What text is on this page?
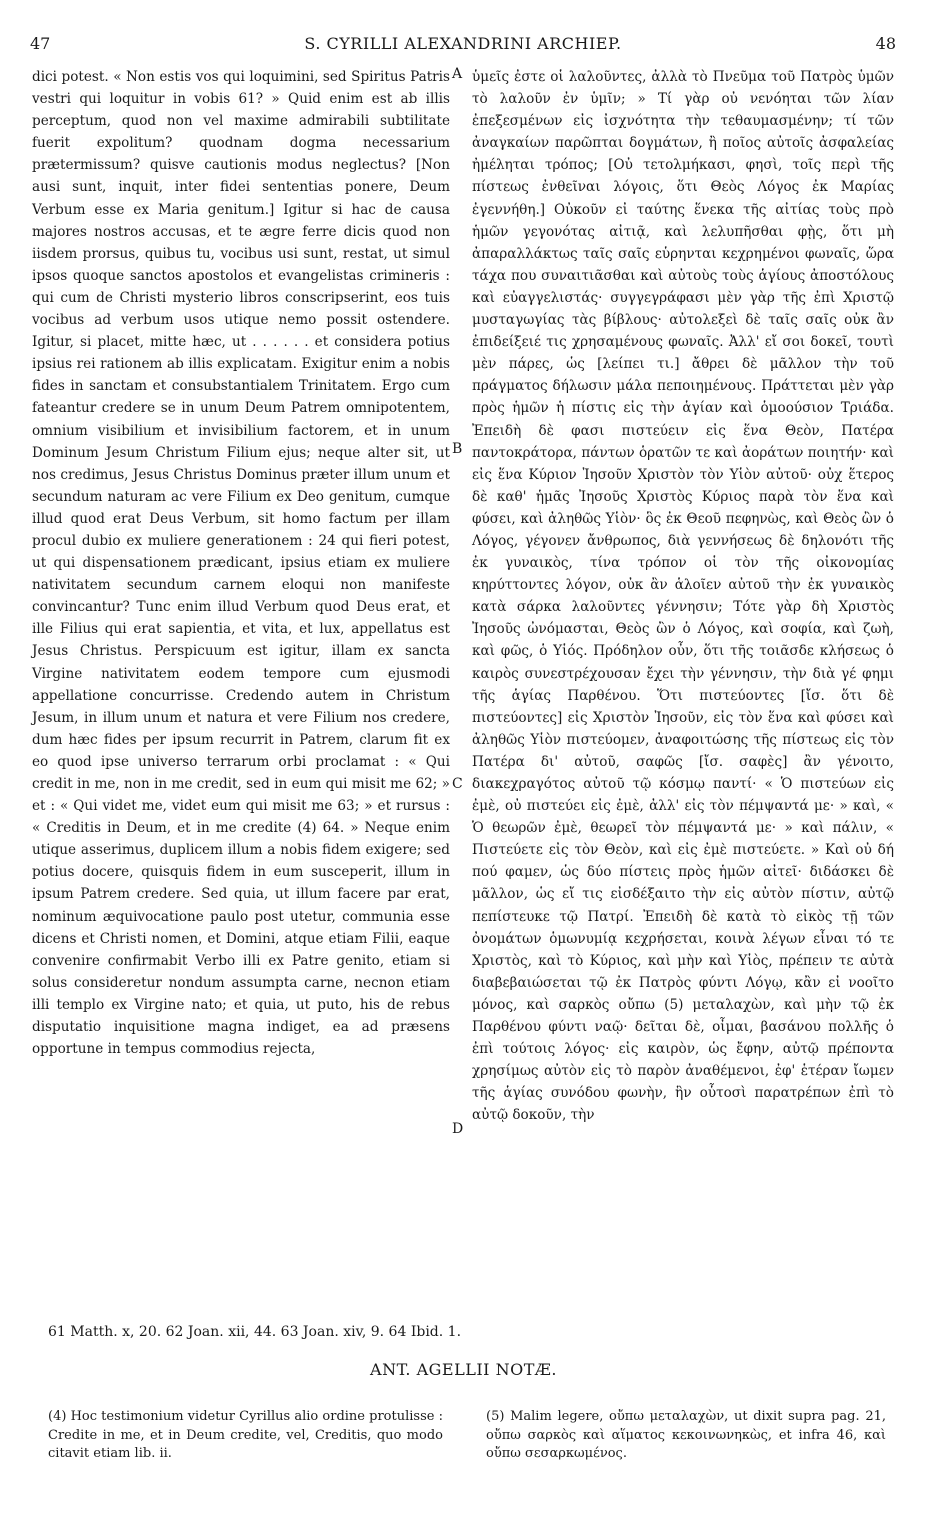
47	S. CYRILLI ALEXANDRINI ARCHIEP.	48

dici potest. « Non estis vos qui loquimini, sed Spiritus Patris vestri qui loquitur in vobis 61? » Quid enim est ab illis perceptum, quod non vel maxime admirabili subtilitate fuerit expolitum? quodnam dogma necessarium prætermissum? quisve cautionis modus neglectus? [Non ausi sunt, inquit, inter fidei sententias ponere, Deum Verbum esse ex Maria genitum.] Igitur si hac de causa majores nostros accusas, et te ægre ferre dicis quod non iisdem prorsus, quibus tu, vocibus usi sunt, restat, ut simul ipsos quoque sanctos apostolos et evangelistas crimineris : qui cum de Christi mysterio libros conscripserint, eos tuis vocibus ad verbum usos utique nemo possit ostendere. Igitur, si placet, mitte hæc, ut . . . . . . et considera potius ipsius rei rationem ab illis explicatam. Exigitur enim a nobis fides in sanctam et consubstantialem Trinitatem. Ergo cum fateantur credere se in unum Deum Patrem omnipotentem, omnium visibilium et invisibilium factorem, et in unum Dominum Jesum Christum Filium ejus; neque alter sit, ut nos credimus, Jesus Christus Dominus præter illum unum et secundum naturam ac vere Filium ex Deo genitum, cumque illud quod erat Deus Verbum, sit homo factum per illam procul dubio ex muliere generationem : 24 qui fieri potest, ut qui dispensationem prædicant, ipsius etiam ex muliere nativitatem secundum carnem eloqui non manifeste convincantur? Tunc enim illud Verbum quod Deus erat, et ille Filius qui erat sapientia, et vita, et lux, appellatus est Jesus Christus. Perspicuum est igitur, illam ex sancta Virgine nativitatem eodem tempore cum ejusmodi appellatione concurrisse. Credendo autem in Christum Jesum, in illum unum et natura et vere Filium nos credere, dum hæc fides per ipsum recurrit in Patrem, clarum fit ex eo quod ipse universo terrarum orbi proclamat : « Qui credit in me, non in me credit, sed in eum qui misit me 62; » et : « Qui videt me, videt eum qui misit me 63; » et rursus : « Creditis in Deum, et in me credite (4) 64. » Neque enim utique asserimus, duplicem illum a nobis fidem exigere; sed potius docere, quisquis fidem in eum susceperit, illum in ipsum Patrem credere. Sed quia, ut illum facere par erat, nominum æquivocatione paulo post utetur, communia esse dicens et Christi nomen, et Domini, atque etiam Filii, eaque convenire confirmabit Verbo illi ex Patre genito, etiam si solus consideretur nondum assumpta carne, necnon etiam illi templo ex Virgine nato; et quia, ut puto, his de rebus disputatio inquisitione magna indiget, ea ad præsens opportune in tempus commodius rejecta,

A
B
C
D

ὑμεῖς ἐστε οἱ λαλοῦντες, ἀλλὰ τὸ Πνεῦμα τοῦ Πατρὸς ὑμῶν τὸ λαλοῦν ἐν ὑμῖν; » Τί γὰρ οὐ νενόηται τῶν λίαν ἐπεξεσμένων εἰς ἰσχνότητα τὴν τεθαυμασμένην; τί τῶν ἀναγκαίων παρῶπται δογμάτων, ἢ ποῖος αὐτοῖς ἀσφαλείας ἠμέληται τρόπος; [Οὐ τετολμήκασι, φησὶ, τοῖς περὶ τῆς πίστεως ἐνθεῖναι λόγοις, ὅτι Θεὸς Λόγος ἐκ Μαρίας ἐγεννήθη.] Οὐκοῦν εἰ ταύτης ἕνεκα τῆς αἰτίας τοὺς πρὸ ἡμῶν γεγονότας αἰτιᾷ, καὶ λελυπῆσθαι φῂς, ὅτι μὴ ἀπαραλλάκτως ταῖς σαῖς εὑρηνται κεχρημένοι φωναῖς, ὥρα τάχα που συναιτιᾶσθαι καὶ αὐτοὺς τοὺς ἁγίους ἀποστόλους καὶ εὐαγγελιστάς· συγγεγράφασι μὲν γὰρ τῆς ἐπὶ Χριστῷ μυσταγωγίας τὰς βίβλους· αὐτολεξεὶ δὲ ταῖς σαῖς οὐκ ἂν ἐπιδείξειέ τις χρησαμένους φωναῖς. Ἀλλ' εἴ σοι δοκεῖ, τουτὶ μὲν πάρες, ὡς [λείπει τι.] ἄθρει δὲ μᾶλλον τὴν τοῦ πράγματος δήλωσιν μάλα πεποιημένους. Πράττεται μὲν γὰρ πρὸς ἡμῶν ἡ πίστις εἰς τὴν ἁγίαν καὶ ὁμοούσιον Τριάδα. Ἐπειδὴ δὲ φασι πιστεύειν εἰς ἕνα Θεὸν, Πατέρα παντοκράτορα, πάντων ὁρατῶν τε καὶ ἀοράτων ποιητήν· καὶ εἰς ἕνα Κύριον Ἰησοῦν Χριστὸν τὸν Υἱὸν αὐτοῦ· οὐχ ἕτερος δὲ καθ' ἡμᾶς Ἰησοῦς Χριστὸς Κύριος παρὰ τὸν ἕνα καὶ φύσει, καὶ ἀληθῶς Υἱὸν· ὃς ἐκ Θεοῦ πεφηνὼς, καὶ Θεὸς ὢν ὁ Λόγος, γέγονεν ἄνθρωπος, διὰ γεννήσεως δὲ δηλονότι τῆς ἐκ γυναικὸς, τίνα τρόπον οἱ τὸν τῆς οἰκονομίας κηρύττοντες λόγον, οὐκ ἂν ἁλοῖεν αὐτοῦ τὴν ἐκ γυναικὸς κατὰ σάρκα λαλοῦντες γέννησιν; Τότε γὰρ δὴ Χριστὸς Ἰησοῦς ὠνόμασται, Θεὸς ὢν ὁ Λόγος, καὶ σοφία, καὶ ζωὴ, καὶ φῶς, ὁ Υἱός. Πρόδηλον οὖν, ὅτι τῆς τοιᾶσδε κλήσεως ὁ καιρὸς συνεστρέχουσαν ἔχει τὴν γέννησιν, τὴν διὰ γέ φημι τῆς ἁγίας Παρθένου. Ὅτι πιστεύοντες [ἴσ. ὅτι δὲ πιστεύοντες] εἰς Χριστὸν Ἰησοῦν, εἰς τὸν ἕνα καὶ φύσει καὶ ἀληθῶς Υἱὸν πιστεύομεν, ἀναφοιτώσης τῆς πίστεως εἰς τὸν Πατέρα δι' αὐτοῦ, σαφῶς [ἴσ. σαφὲς] ἂν γένοιτο, διακεχραγότος αὐτοῦ τῷ κόσμῳ παντί· « Ὁ πιστεύων εἰς ἐμὲ, οὐ πιστεύει εἰς ἐμὲ, ἀλλ' εἰς τὸν πέμψαντά με· » καὶ, « Ὁ θεωρῶν ἐμὲ, θεωρεῖ τὸν πέμψαντά με· » καὶ πάλιν, « Πιστεύετε εἰς τὸν Θεὸν, καὶ εἰς ἐμὲ πιστεύετε. » Καὶ οὐ δή πού φαμεν, ὡς δύο πίστεις πρὸς ἡμῶν αἰτεῖ· διδάσκει δὲ μᾶλλον, ὡς εἴ τις εἰσδέξαιτο τὴν εἰς αὐτὸν πίστιν, αὐτῷ πεπίστευκε τῷ Πατρί. Ἐπειδὴ δὲ κατὰ τὸ εἰκὸς τῇ τῶν ὀνομάτων ὁμωνυμίᾳ κεχρήσεται, κοινὰ λέγων εἶναι τό τε Χριστὸς, καὶ τὸ Κύριος, καὶ μὴν καὶ Υἱὸς, πρέπειν τε αὐτὰ διαβεβαιώσεται τῷ ἐκ Πατρὸς φύντι Λόγῳ, κἂν εἰ νοοῖτο μόνος, καὶ σαρκὸς οὔπω (5) μεταλαχὼν, καὶ μὴν τῷ ἐκ Παρθένου φύντι ναῷ· δεῖται δὲ, οἶμαι, βασάνου πολλῆς ὁ ἐπὶ τούτοις λόγος· εἰς καιρὸν, ὡς ἔφην, αὐτῷ πρέποντα χρησίμως αὐτὸν εἰς τὸ παρὸν ἀναθέμενοι, ἐφ' ἑτέραν ἴωμεν τῆς ἁγίας συνόδου φωνὴν, ἣν οὗτοσὶ παρατρέπων ἐπὶ τὸ αὐτῷ δοκοῦν, τὴν

61 Matth. x, 20. 62 Joan. xii, 44. 63 Joan. xiv, 9. 64 Ibid. 1.
ANT. AGELLII NOTÆ.
(4) Hoc testimonium videtur Cyrillus alio ordine protulisse : Credite in me, et in Deum credite, vel, Creditis, quo modo citavit etiam lib. ii.
(5) Malim legere, οὔπω μεταλαχὼν, ut dixit supra pag. 21, οὔπω σαρκὸς καὶ αἵματος κεκοινωνηκὼς, et infra 46, καὶ οὔπω σεσαρκωμένος.
